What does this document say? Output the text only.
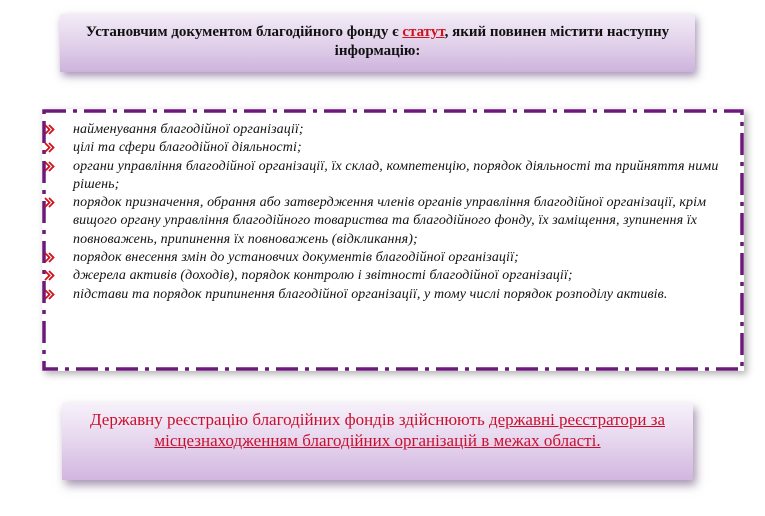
Установчим документом благодійного фонду є статут, який повинен містити наступну інформацію:
найменування благодійної організації;
цілі та сфери благодійної діяльності;
органи управління благодійної організації, їх склад, компетенцію, порядок діяльності та прийняття ними рішень;
порядок призначення, обрання або затвердження членів органів управління благодійної організації, крім вищого органу управління благодійного товариства та благодійного фонду, їх заміщення, зупинення їх повноважень, припинення їх повноважень (відкликання);
порядок внесення змін до установчих документів благодійної організації;
джерела активів (доходів), порядок контролю і звітності благодійної організації;
підстави та порядок припинення благодійної організації, у тому числі порядок розподілу активів.
Державну реєстрацію благодійних фондів здійснюють державні реєстратори за місцезнаходженням благодійних організацій в межах області.
